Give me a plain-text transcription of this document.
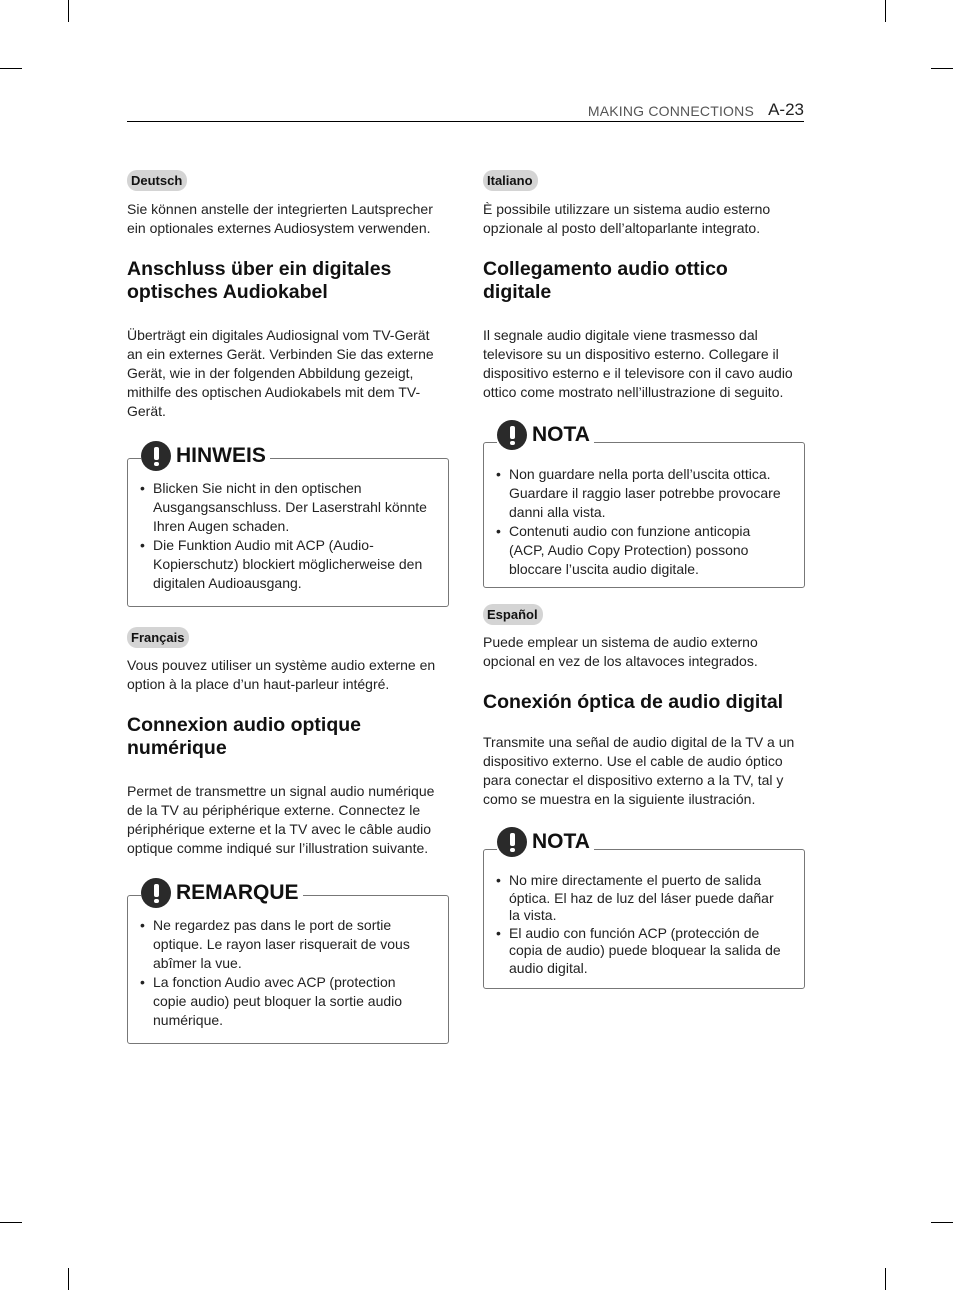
MAKING CONNECTIONS A-23
Deutsch

Sie können anstelle der integrierten Lautsprecher
ein optionales externes Audiosystem verwenden.

Anschluss über ein digitales
optisches Audiokabel

Überträgt ein digitales Audiosignal vom TV-Gerät
an ein externes Gerät. Verbinden Sie das externe
Gerät, wie in der folgenden Abbildung gezeigt,
mithilfe des optischen Audiokabels mit dem TV-
Gerät.

HINWEIS
• Blicken Sie nicht in den optischen
Ausgangsanschluss. Der Laserstrahl könnte
Ihren Augen schaden.
• Die Funktion Audio mit ACP (Audio-
Kopierschutz) blockiert möglicherweise den
digitalen Audioausgang.
Français

Vous pouvez utiliser un système audio externe en
option à la place d’un haut-parleur intégré.

Connexion audio optique
numérique

Permet de transmettre un signal audio numérique
de la TV au périphérique externe. Connectez le
périphérique externe et la TV avec le câble audio
optique comme indiqué sur l’illustration suivante.

REMARQUE
• Ne regardez pas dans le port de sortie
optique. Le rayon laser risquerait de vous
abîmer la vue.
• La fonction Audio avec ACP (protection
copie audio) peut bloquer la sortie audio
numérique.
Italiano

È possibile utilizzare un sistema audio esterno
opzionale al posto dell’altoparlante integrato.

Collegamento audio ottico
digitale

Il segnale audio digitale viene trasmesso dal
televisore su un dispositivo esterno. Collegare il
dispositivo esterno e il televisore con il cavo audio
ottico come mostrato nell’illustrazione di seguito.

NOTA
• Non guardare nella porta dell’uscita ottica.
Guardare il raggio laser potrebbe provocare
danni alla vista.
• Contenuti audio con funzione anticopia
(ACP, Audio Copy Protection) possono
bloccare l’uscita audio digitale.
Español

Puede emplear un sistema de audio externo
opcional en vez de los altavoces integrados.

Conexión óptica de audio digital

Transmite una señal de audio digital de la TV a un
dispositivo externo. Use el cable de audio óptico
para conectar el dispositivo externo a la TV, tal y
como se muestra en la siguiente ilustración.

NOTA
• No mire directamente el puerto de salida
óptica. El haz de luz del láser puede dañar
la vista.
• El audio con función ACP (protección de
copia de audio) puede bloquear la salida de
audio digital.
